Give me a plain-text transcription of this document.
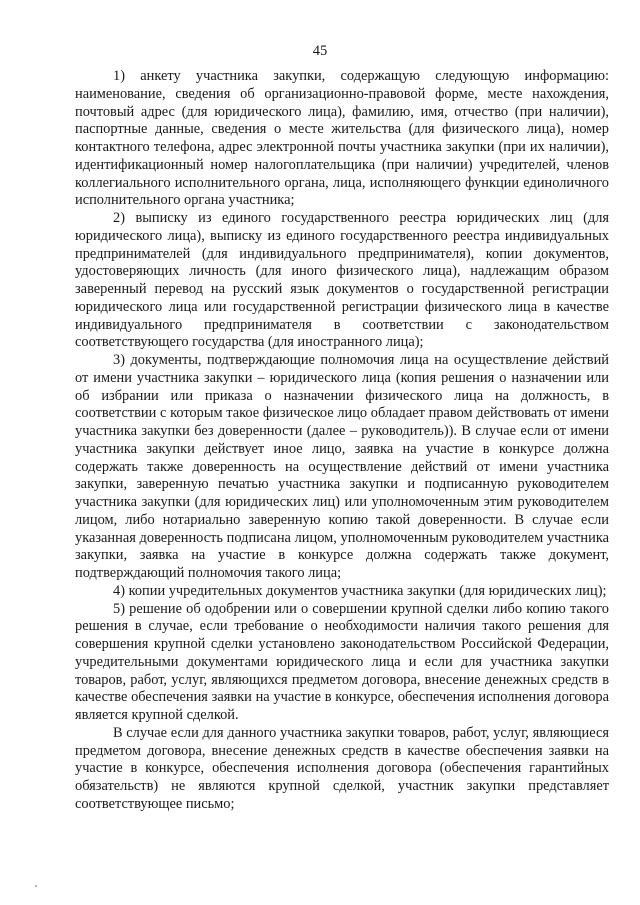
45

1) анкету участника закупки, содержащую следующую информацию: наименование, сведения об организационно-правовой форме, месте нахождения, почтовый адрес (для юридического лица), фамилию, имя, отчество (при наличии), паспортные данные, сведения о месте жительства (для физического лица), номер контактного телефона, адрес электронной почты участника закупки (при их наличии), идентификационный номер налогоплательщика (при наличии) учредителей, членов коллегиального исполнительного органа, лица, исполняющего функции единоличного исполнительного органа участника;

2) выписку из единого государственного реестра юридических лиц (для юридического лица), выписку из единого государственного реестра индивидуальных предпринимателей (для индивидуального предпринимателя), копии документов, удостоверяющих личность (для иного физического лица), надлежащим образом заверенный перевод на русский язык документов о государственной регистрации юридического лица или государственной регистрации физического лица в качестве индивидуального предпринимателя в соответствии с законодательством соответствующего государства (для иностранного лица);

3) документы, подтверждающие полномочия лица на осуществление действий от имени участника закупки – юридического лица (копия решения о назначении или об избрании или приказа о назначении физического лица на должность, в соответствии с которым такое физическое лицо обладает правом действовать от имени участника закупки без доверенности (далее – руководитель)). В случае если от имени участника закупки действует иное лицо, заявка на участие в конкурсе должна содержать также доверенность на осуществление действий от имени участника закупки, заверенную печатью участника закупки и подписанную руководителем участника закупки (для юридических лиц) или уполномоченным этим руководителем лицом, либо нотариально заверенную копию такой доверенности. В случае если указанная доверенность подписана лицом, уполномоченным руководителем участника закупки, заявка на участие в конкурсе должна содержать также документ, подтверждающий полномочия такого лица;

4) копии учредительных документов участника закупки (для юридических лиц);

5) решение об одобрении или о совершении крупной сделки либо копию такого решения в случае, если требование о необходимости наличия такого решения для совершения крупной сделки установлено законодательством Российской Федерации, учредительными документами юридического лица и если для участника закупки товаров, работ, услуг, являющихся предметом договора, внесение денежных средств в качестве обеспечения заявки на участие в конкурсе, обеспечения исполнения договора является крупной сделкой.

В случае если для данного участника закупки товаров, работ, услуг, являющиеся предметом договора, внесение денежных средств в качестве обеспечения заявки на участие в конкурсе, обеспечения исполнения договора (обеспечения гарантийных обязательств) не являются крупной сделкой, участник закупки представляет соответствующее письмо;
